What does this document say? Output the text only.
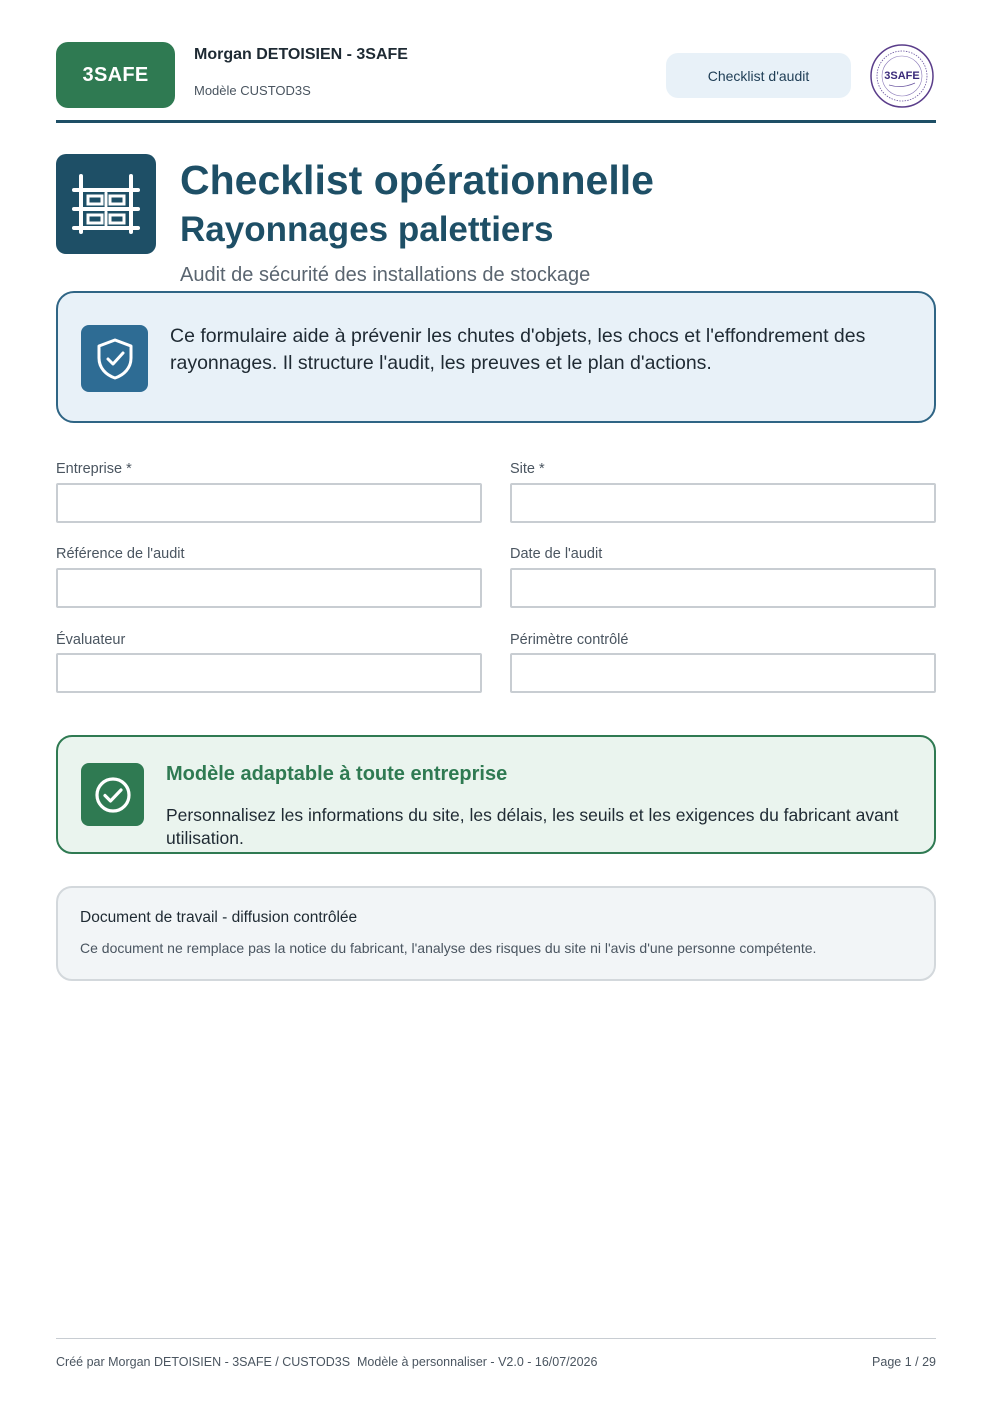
3SAFE
Morgan DETOISIEN - 3SAFE
Modèle CUSTOD3S
Checklist d'audit	3SAFE
Checklist opérationnelle
Rayonnages palettiers
Audit de sécurité des installations de stockage
Ce formulaire aide à prévenir les chutes d'objets, les chocs et l'effondrement des rayonnages. Il structure l'audit, les preuves et le plan d'actions.
Entreprise *	Site *
Référence de l'audit	Date de l'audit
Évaluateur	Périmètre contrôlé
Modèle adaptable à toute entreprise
Personnalisez les informations du site, les délais, les seuils et les exigences du fabricant avant utilisation.
Document de travail - diffusion contrôlée
Ce document ne remplace pas la notice du fabricant, l'analyse des risques du site ni l'avis d'une personne compétente.
Créé par Morgan DETOISIEN - 3SAFE / CUSTOD3S  Modèle à personnaliser - V2.0 - 16/07/2026	Page 1 / 29
